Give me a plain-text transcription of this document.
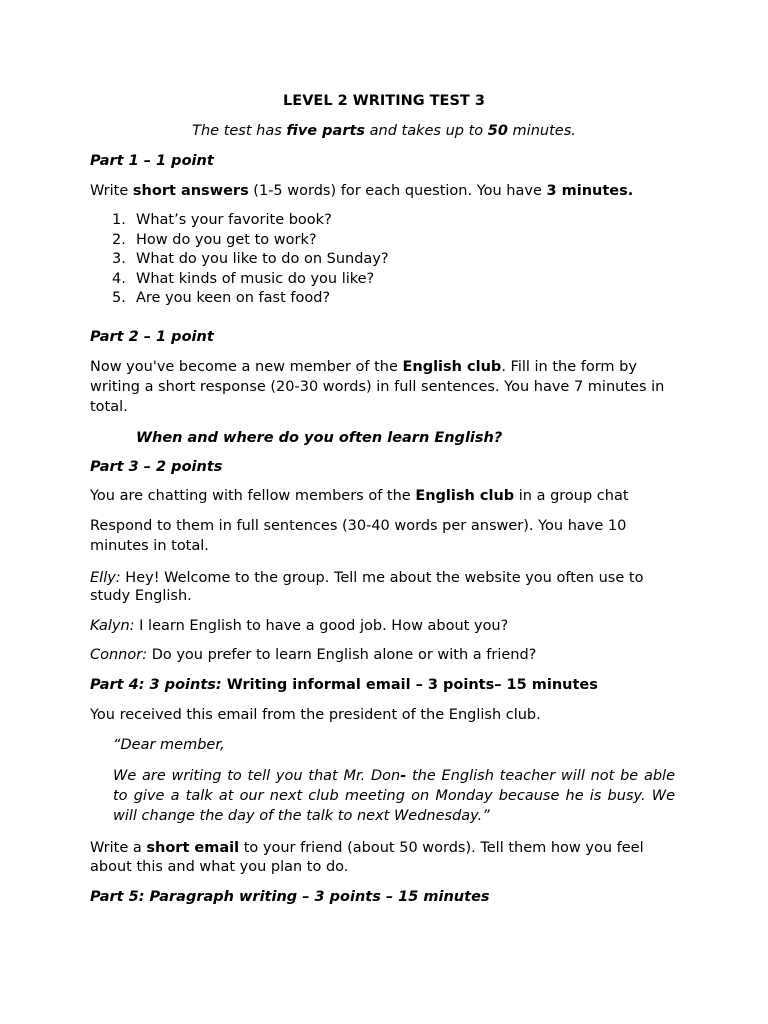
LEVEL 2 WRITING TEST 3
The test has five parts and takes up to 50 minutes.
Part 1 – 1 point
Write short answers (1-5 words) for each question. You have 3 minutes.
1. What’s your favorite book?
2. How do you get to work?
3. What do you like to do on Sunday?
4. What kinds of music do you like?
5. Are you keen on fast food?
Part 2 – 1 point
Now you've become a new member of the English club. Fill in the form by writing a short response (20-30 words) in full sentences. You have 7 minutes in total.
When and where do you often learn English?
Part 3 – 2 points
You are chatting with fellow members of the English club in a group chat
Respond to them in full sentences (30-40 words per answer). You have 10 minutes in total.
Elly: Hey! Welcome to the group. Tell me about the website you often use to study English.
Kalyn: I learn English to have a good job. How about you?
Connor: Do you prefer to learn English alone or with a friend?
Part 4: 3 points: Writing informal email – 3 points– 15 minutes
You received this email from the president of the English club.
“Dear member,
We are writing to tell you that Mr. Don- the English teacher will not be able to give a talk at our next club meeting on Monday because he is busy. We will change the day of the talk to next Wednesday.”
Write a short email to your friend (about 50 words). Tell them how you feel about this and what you plan to do.
Part 5: Paragraph writing – 3 points – 15 minutes
